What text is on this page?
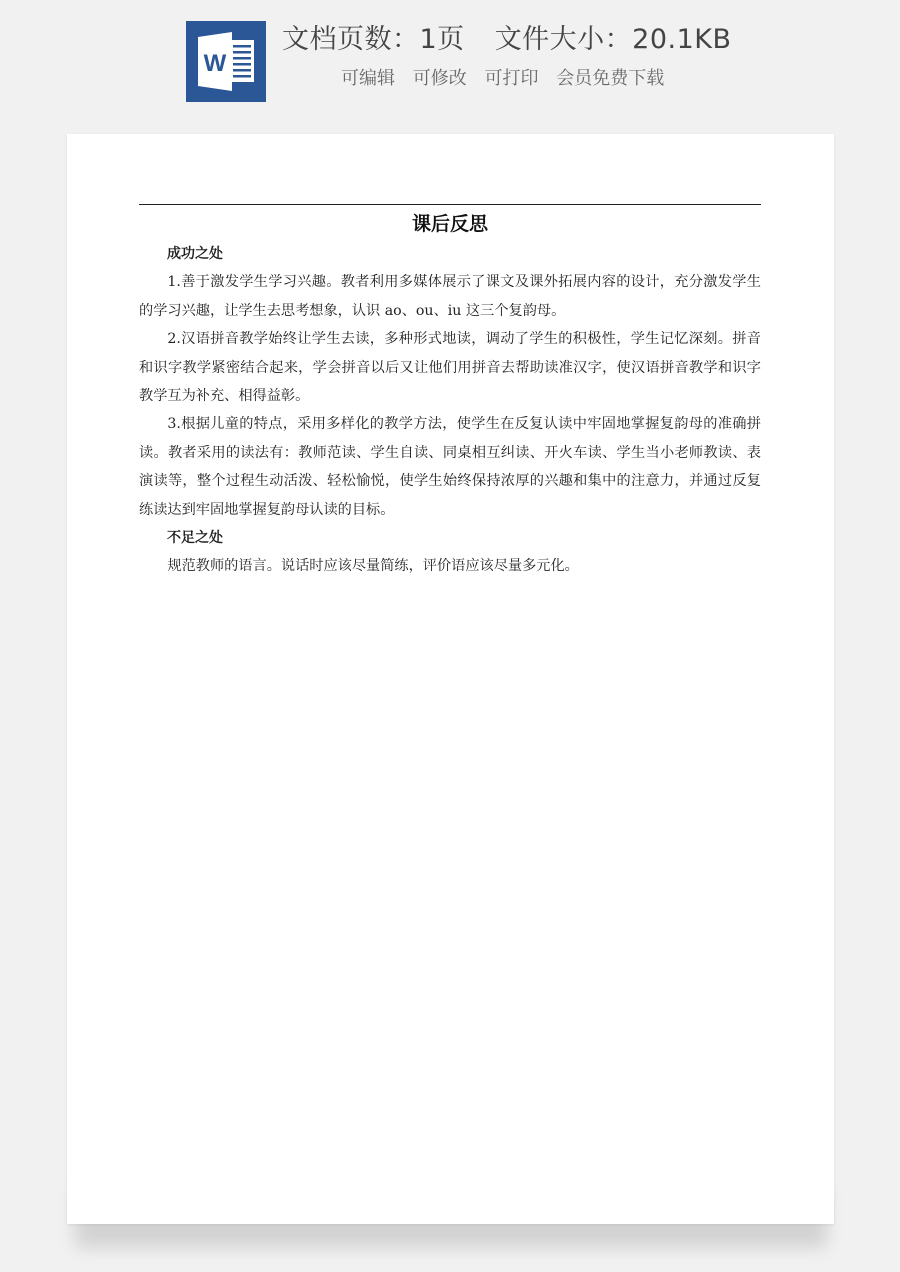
W
文档页数：1页 文件大小：20.1KB
可编辑 可修改 可打印 会员免费下载
课后反思

成功之处

1.善于激发学生学习兴趣。教者利用多媒体展示了课文及课外拓展内容的设计，充分激发学生的学习兴趣，让学生去思考想象，认识 ao、ou、iu 这三个复韵母。

2.汉语拼音教学始终让学生去读，多种形式地读，调动了学生的积极性，学生记忆深刻。拼音和识字教学紧密结合起来，学会拼音以后又让他们用拼音去帮助读准汉字，使汉语拼音教学和识字教学互为补充、相得益彰。

3.根据儿童的特点，采用多样化的教学方法，使学生在反复认读中牢固地掌握复韵母的准确拼读。教者采用的读法有：教师范读、学生自读、同桌相互纠读、开火车读、学生当小老师教读、表演读等，整个过程生动活泼、轻松愉悦，使学生始终保持浓厚的兴趣和集中的注意力，并通过反复练读达到牢固地掌握复韵母认读的目标。

不足之处

规范教师的语言。说话时应该尽量简练，评价语应该尽量多元化。
